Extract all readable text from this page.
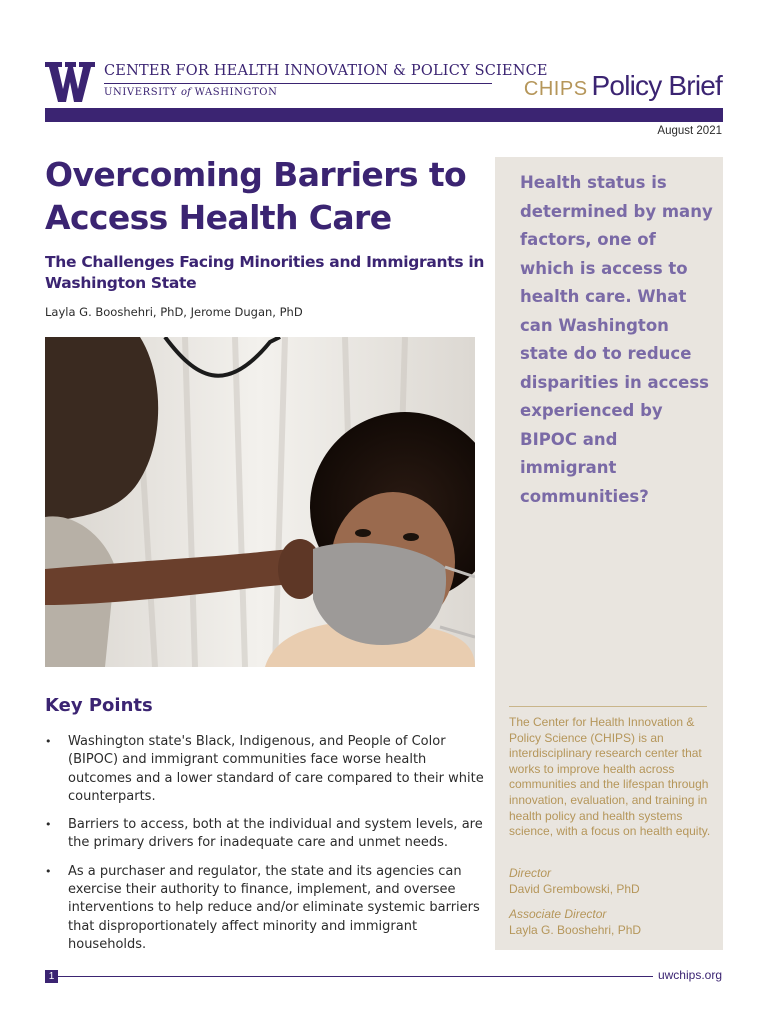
CENTER FOR HEALTH INNOVATION & POLICY SCIENCE
UNIVERSITY of WASHINGTON	CHIPS Policy Brief
August 2021
Health status is determined by many factors, one of which is access to health care. What can Washington state do to reduce disparities in access experienced by BIPOC and immigrant communities?
The Center for Health Innovation & Policy Science (CHIPS) is an interdisciplinary research center that works to improve health across communities and the lifespan through innovation, evaluation, and training in health policy and health systems science, with a focus on health equity.
Director
David Grembowski, PhD
Associate Director
Layla G. Booshehri, PhD
Overcoming Barriers to Access Health Care
The Challenges Facing Minorities and Immigrants in Washington State
Layla G. Booshehri, PhD, Jerome Dugan, PhD
Key Points
• Washington state's Black, Indigenous, and People of Color (BIPOC) and immigrant communities face worse health outcomes and a lower standard of care compared to their white counterparts.
• Barriers to access, both at the individual and system levels, are the primary drivers for inadequate care and unmet needs.
• As a purchaser and regulator, the state and its agencies can exercise their authority to finance, implement, and oversee interventions to help reduce and/or eliminate systemic barriers that disproportionately affect minority and immigrant households.
1	uwchips.org
